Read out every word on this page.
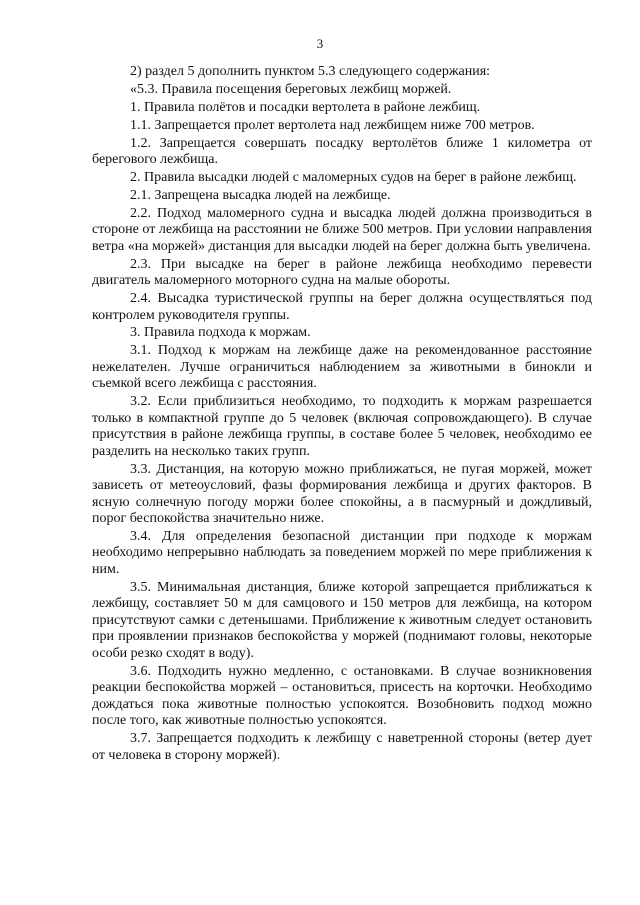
3

2) раздел 5 дополнить пунктом 5.3 следующего содержания:

«5.3. Правила посещения береговых лежбищ моржей.

1. Правила полётов и посадки вертолета в районе лежбищ.

1.1. Запрещается пролет вертолета над лежбищем ниже 700 метров.

1.2. Запрещается совершать посадку вертолётов ближе 1 километра от берегового лежбища.

2. Правила высадки людей с маломерных судов на берег в районе лежбищ.

2.1. Запрещена высадка людей на лежбище.

2.2. Подход маломерного судна и высадка людей должна производиться в стороне от лежбища на расстоянии не ближе 500 метров. При условии направления ветра «на моржей» дистанция для высадки людей на берег должна быть увеличена.

2.3. При высадке на берег в районе лежбища необходимо перевести двигатель маломерного моторного судна на малые обороты.

2.4. Высадка туристической группы на берег должна осуществляться под контролем руководителя группы.

3. Правила подхода к моржам.

3.1. Подход к моржам на лежбище даже на рекомендованное расстояние нежелателен. Лучше ограничиться наблюдением за животными в бинокли и съемкой всего лежбища с расстояния.

3.2. Если приблизиться необходимо, то подходить к моржам разрешается только в компактной группе до 5 человек (включая сопровождающего). В случае присутствия в районе лежбища группы, в составе более 5 человек, необходимо ее разделить на несколько таких групп.

3.3. Дистанция, на которую можно приближаться, не пугая моржей, может зависеть от метеоусловий, фазы формирования лежбища и других факторов. В ясную солнечную погоду моржи более спокойны, а в пасмурный и дождливый, порог беспокойства значительно ниже.

3.4. Для определения безопасной дистанции при подходе к моржам необходимо непрерывно наблюдать за поведением моржей по мере приближения к ним.

3.5. Минимальная дистанция, ближе которой запрещается приближаться к лежбищу, составляет 50 м для самцового и 150 метров для лежбища, на котором присутствуют самки с детенышами. Приближение к животным следует остановить при проявлении признаков беспокойства у моржей (поднимают головы, некоторые особи резко сходят в воду).

3.6. Подходить нужно медленно, с остановками. В случае возникновения реакции беспокойства моржей – остановиться, присесть на корточки. Необходимо дождаться пока животные полностью успокоятся. Возобновить подход можно после того, как животные полностью успокоятся.

3.7. Запрещается подходить к лежбищу с наветренной стороны (ветер дует от человека в сторону моржей).
